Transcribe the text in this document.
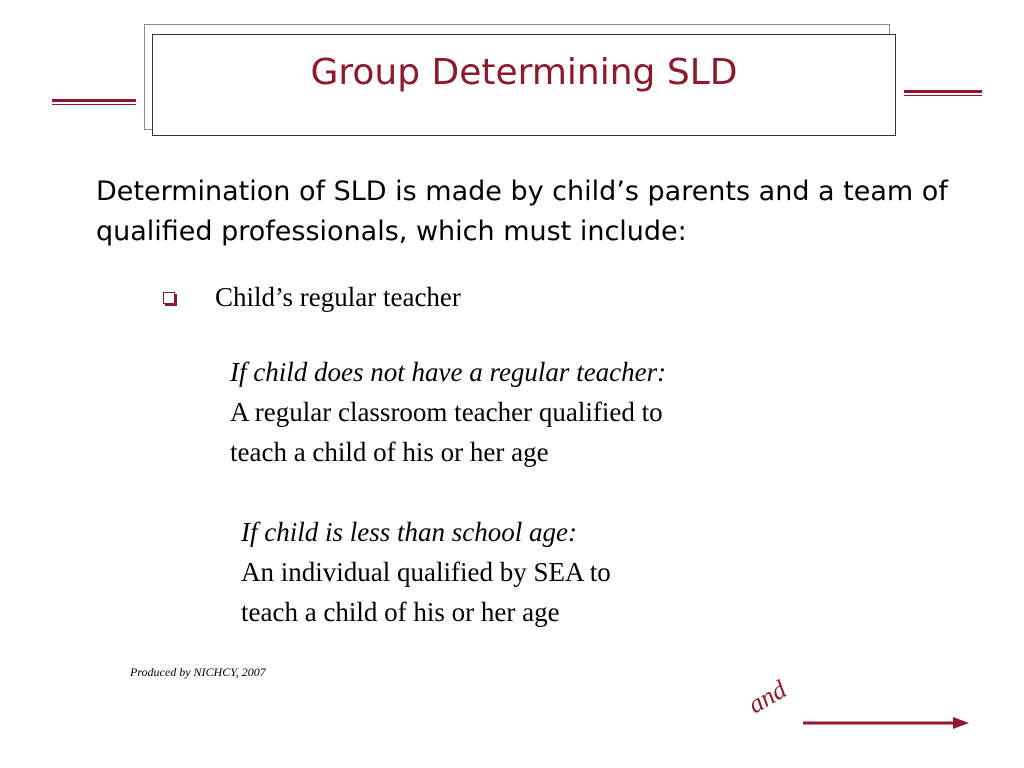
Group Determining SLD
Determination of SLD is made by child’s parents and a team of qualified professionals, which must include:
Child’s regular teacher
If child does not have a regular teacher:
A regular classroom teacher qualified to
teach a child of his or her age
If child is less than school age:
An individual qualified by SEA to
teach a child of his or her age
Produced by NICHCY, 2007
and
